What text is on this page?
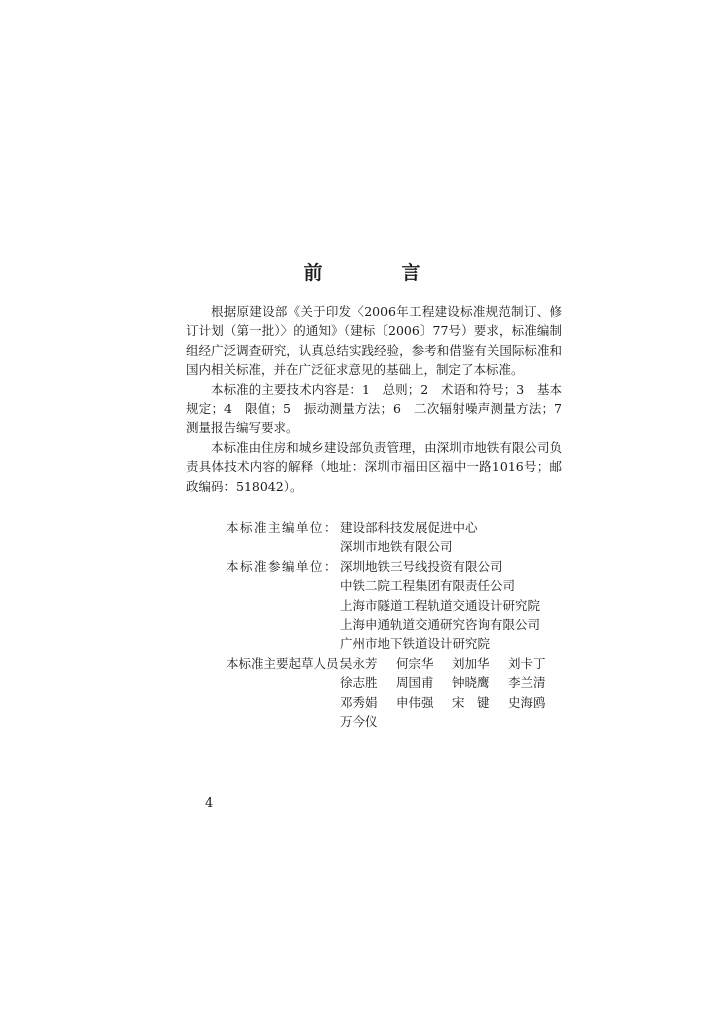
前　言

根据原建设部《关于印发〈2006年工程建设标准规范制订、修订计划（第一批）〉的通知》（建标〔2006〕77号）要求，标准编制组经广泛调查研究，认真总结实践经验，参考和借鉴有关国际标准和国内相关标准，并在广泛征求意见的基础上，制定了本标准。

本标准的主要技术内容是：1　总则；2　术语和符号；3　基本规定；4　限值；5　振动测量方法；6　二次辐射噪声测量方法；7　测量报告编写要求。

本标准由住房和城乡建设部负责管理，由深圳市地铁有限公司负责具体技术内容的解释（地址：深圳市福田区福中一路1016号；邮政编码：518042）。

本标准主编单位： 建设部科技发展促进中心
深圳市地铁有限公司
本标准参编单位： 深圳地铁三号线投资有限公司
中铁二院工程集团有限责任公司
上海市隧道工程轨道交通设计研究院
上海申通轨道交通研究咨询有限公司
广州市地下铁道设计研究院
本标准主要起草人员：
吴永芳	何宗华	刘加华	刘卡丁
徐志胜	周国甫	钟晓鹰	李兰清
邓秀娟	申伟强	宋　键	史海鸥
万今仪
4
